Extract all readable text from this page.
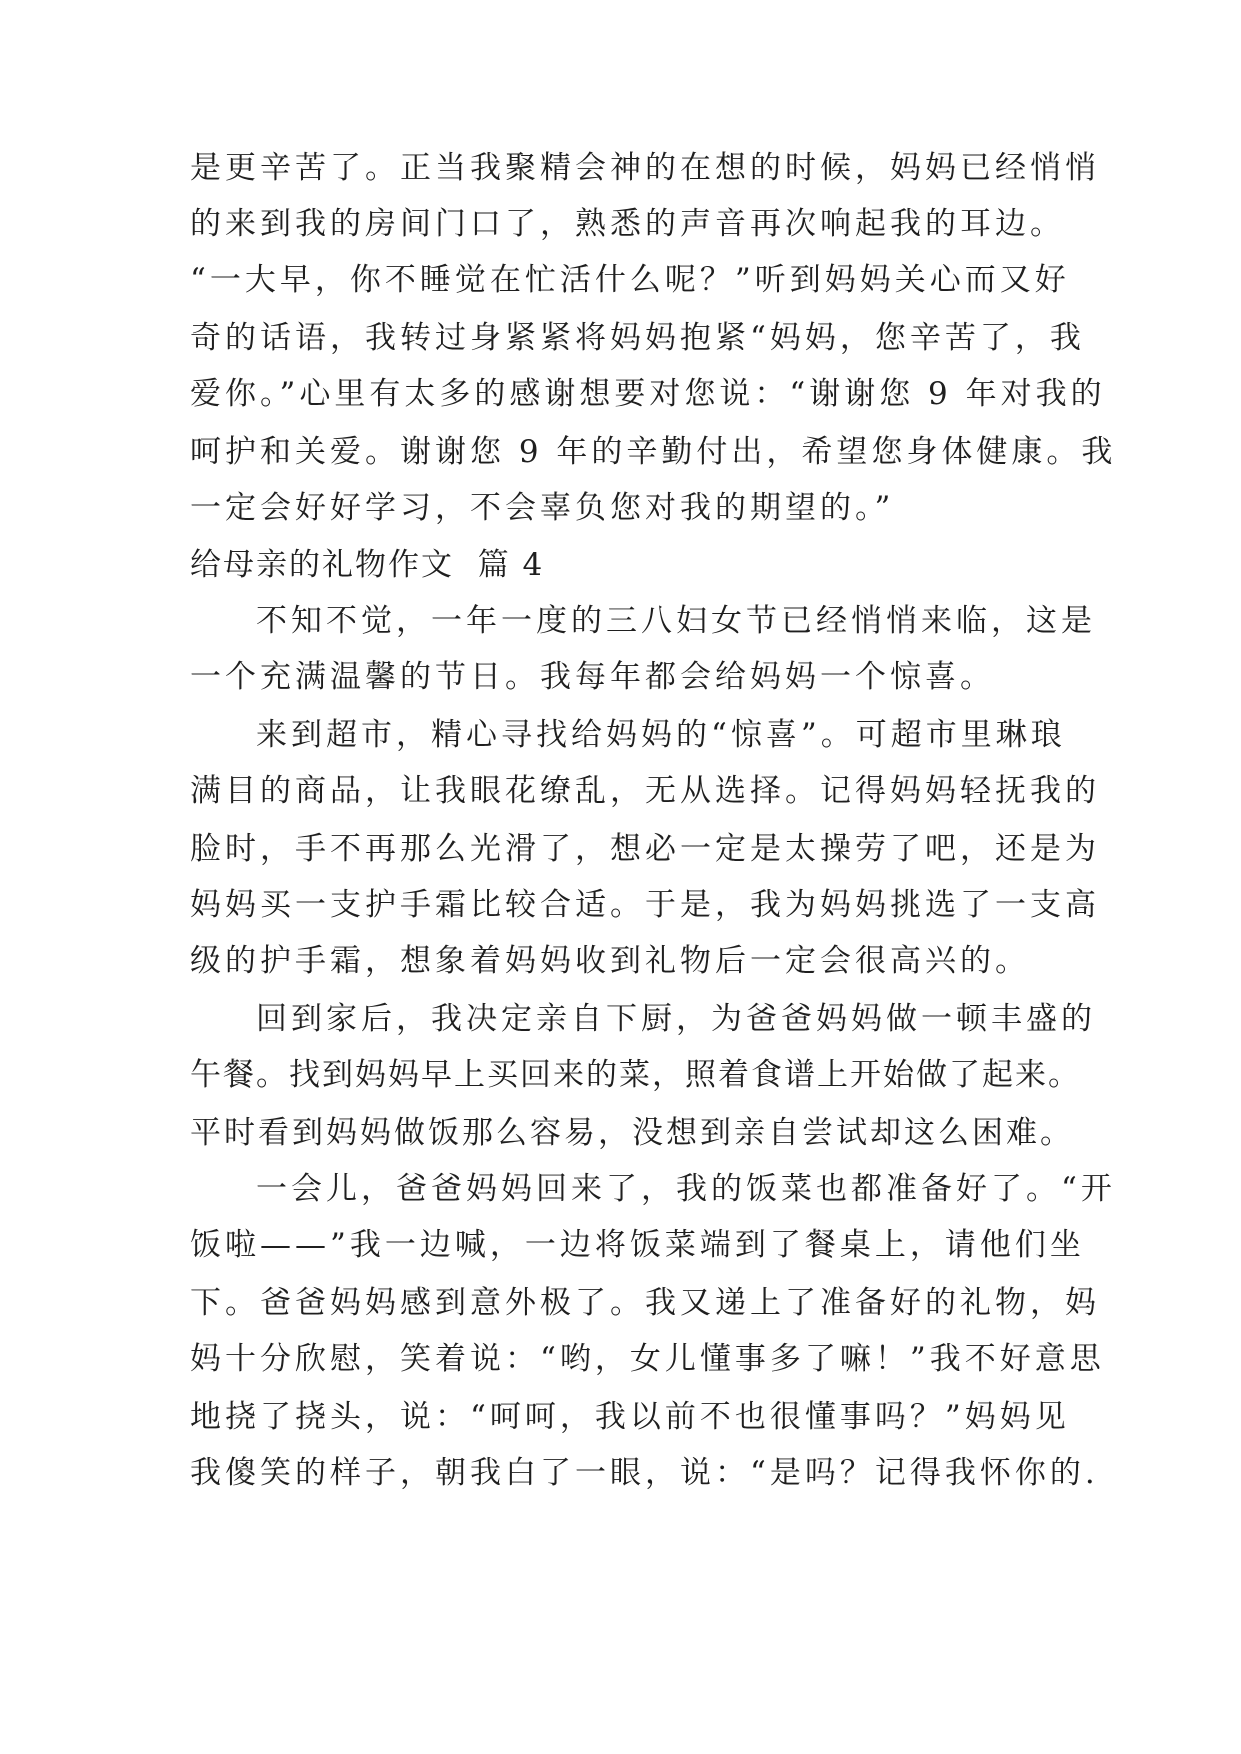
是更辛苦了。正当我聚精会神的在想的时候，妈妈已经悄悄
的来到我的房间门口了，熟悉的声音再次响起我的耳边。
“一大早，你不睡觉在忙活什么呢？”听到妈妈关心而又好
奇的话语，我转过身紧紧将妈妈抱紧“妈妈，您辛苦了，我
爱你。”心里有太多的感谢想要对您说：“谢谢您 9 年对我的
呵护和关爱。谢谢您 9 年的辛勤付出，希望您身体健康。我
一定会好好学习，不会辜负您对我的期望的。”
给母亲的礼物作文  篇 4
不知不觉，一年一度的三八妇女节已经悄悄来临，这是
一个充满温馨的节日。我每年都会给妈妈一个惊喜。
来到超市，精心寻找给妈妈的“惊喜”。可超市里琳琅
满目的商品，让我眼花缭乱，无从选择。记得妈妈轻抚我的
脸时，手不再那么光滑了，想必一定是太操劳了吧，还是为
妈妈买一支护手霜比较合适。于是，我为妈妈挑选了一支高
级的护手霜，想象着妈妈收到礼物后一定会很高兴的。
回到家后，我决定亲自下厨，为爸爸妈妈做一顿丰盛的
午餐。找到妈妈早上买回来的菜，照着食谱上开始做了起来。
平时看到妈妈做饭那么容易，没想到亲自尝试却这么困难。
一会儿，爸爸妈妈回来了，我的饭菜也都准备好了。“开
饭啦——”我一边喊，一边将饭菜端到了餐桌上，请他们坐
下。爸爸妈妈感到意外极了。我又递上了准备好的礼物，妈
妈十分欣慰，笑着说：“哟，女儿懂事多了嘛！”我不好意思
地挠了挠头，说：“呵呵，我以前不也很懂事吗？”妈妈见
我傻笑的样子，朝我白了一眼，说：“是吗？记得我怀你的.
